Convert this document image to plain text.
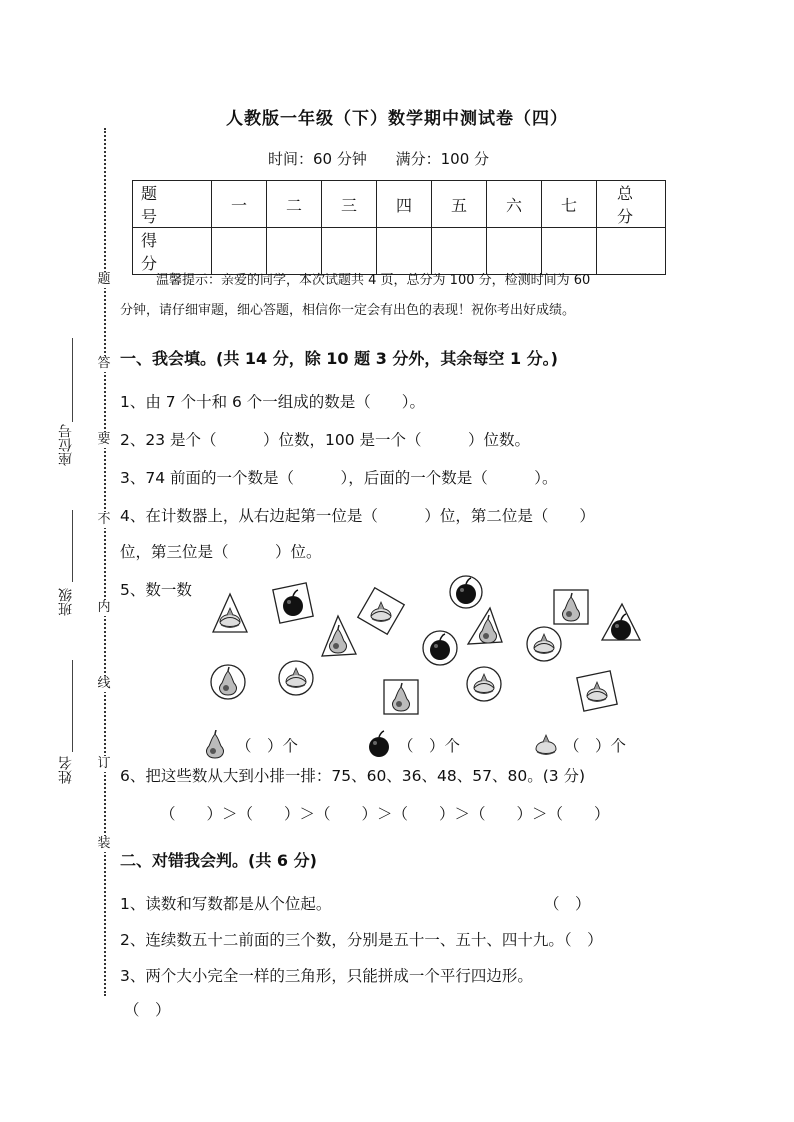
题
答
要
不
内
线
订
装
座位号
班级
姓名
人教版一年级（下）数学期中测试卷（四）
时间：60 分钟 满分：100 分
题　号	一	二	三	四	五	六	七	总　分
得　分								
温馨提示：亲爱的同学，本次试题共 4 页，总分为 100 分，检测时间为 60
分钟，请仔细审题，细心答题，相信你一定会有出色的表现！祝你考出好成绩。
一、我会填。(共 14 分，除 10 题 3 分外，其余每空 1 分。)
1、由 7 个十和 6 个一组成的数是（　　）。
2、23 是个（　　　）位数，100 是一个（　　　）位数。
3、74 前面的一个数是（　　　），后面的一个数是（　　　）。
4、在计数器上，从右边起第一位是（　　　）位，第二位是（　　）
位，第三位是（　　　）位。
5、数一数
（　）个	（　）个	（　）个
6、把这些数从大到小排一排：75、60、36、48、57、80。(3 分)
（　　）＞（　　）＞（　　）＞（　　）＞（　　）＞（　　）
二、对错我会判。(共 6 分)
1、读数和写数都是从个位起。	（　）
2、连续数五十二前面的三个数，分别是五十一、五十、四十九。（　）
3、两个大小完全一样的三角形，只能拼成一个平行四边形。
（　）
